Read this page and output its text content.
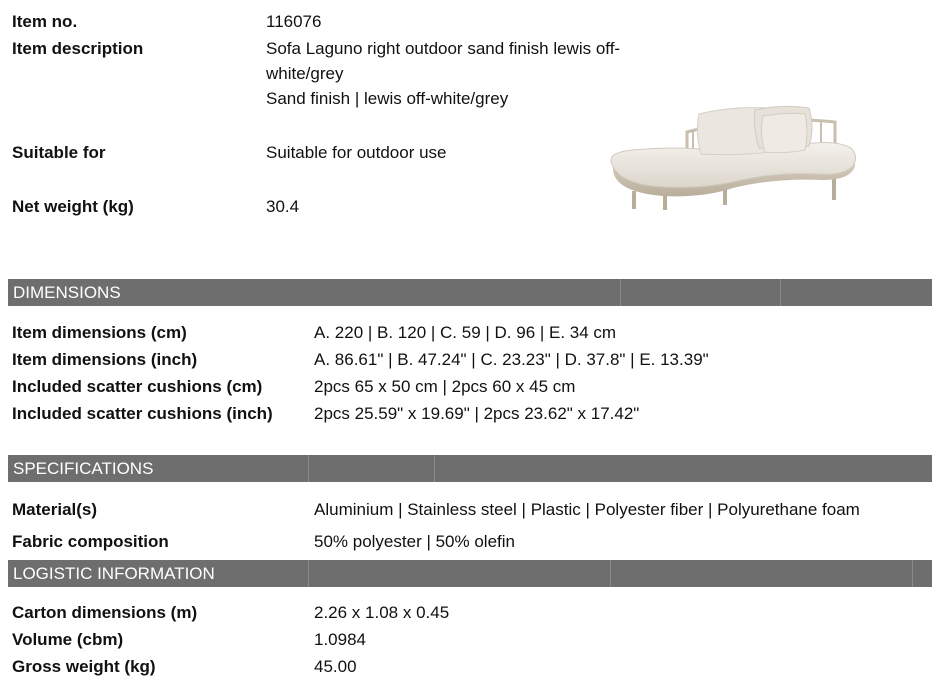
Item no.	116076
Item description	Sofa Laguno right outdoor sand finish lewis off-
white/grey
Sand finish | lewis off-white/grey
Suitable for	Suitable for outdoor use
Net weight (kg)	30.4
DIMENSIONS
Item dimensions (cm)	A. 220 | B. 120 | C. 59 | D. 96 | E. 34 cm
Item dimensions (inch)	A. 86.61" | B. 47.24" | C. 23.23" | D. 37.8" | E. 13.39"
Included scatter cushions (cm)	2pcs 65 x 50 cm | 2pcs 60 x 45 cm
Included scatter cushions (inch) 2pcs 25.59" x 19.69" | 2pcs 23.62" x 17.42"
SPECIFICATIONS
Material(s)	Aluminium | Stainless steel | Plastic | Polyester fiber | Polyurethane foam
Fabric composition	50% polyester | 50% olefin
LOGISTIC INFORMATION
Carton dimensions (m)	2.26 x 1.08 x 0.45
Volume (cbm)	1.0984
Gross weight (kg)	45.00
